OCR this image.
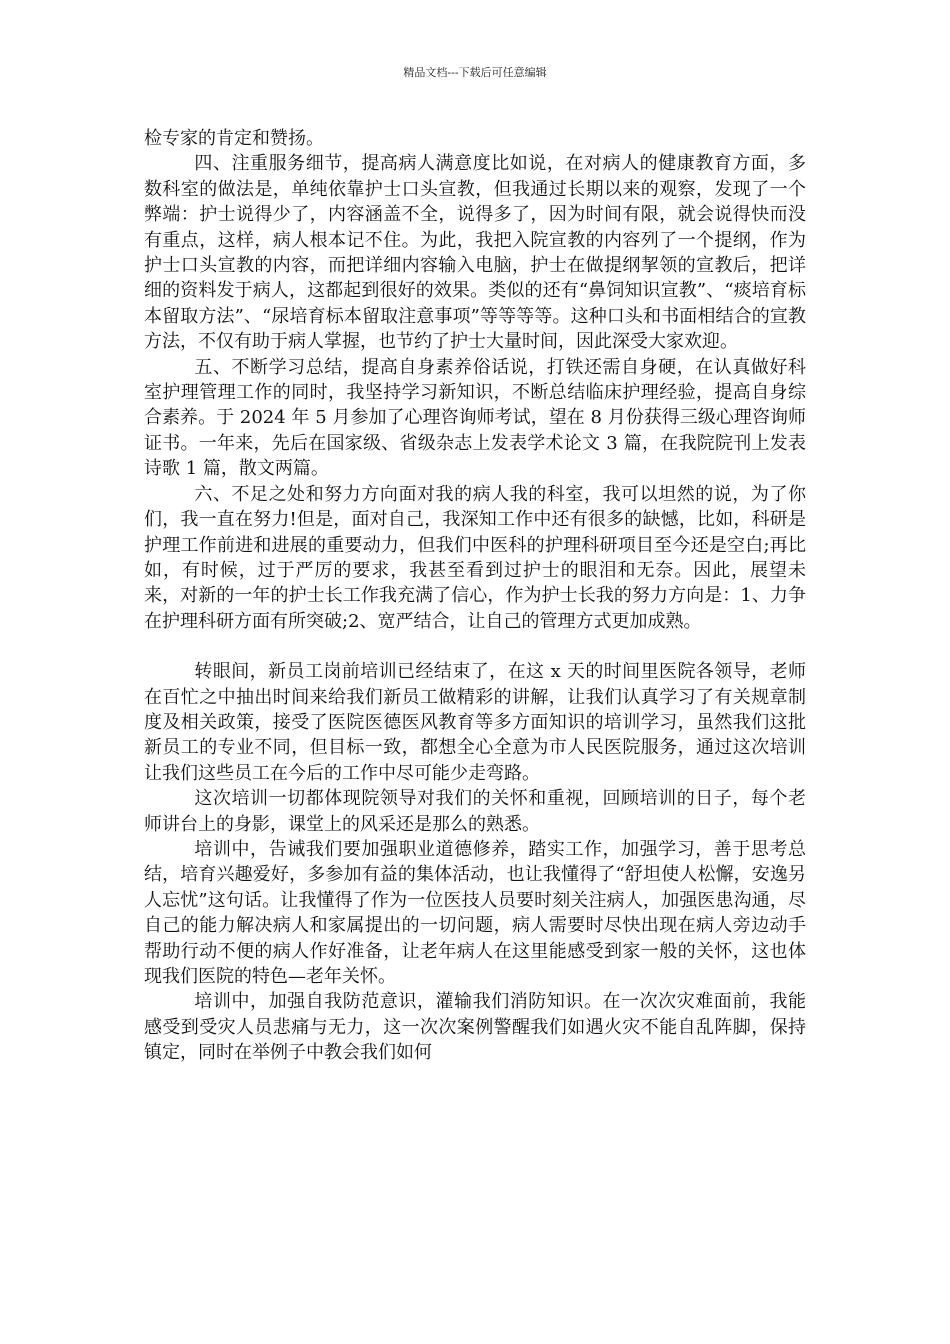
精品文档---下载后可任意编辑

检专家的肯定和赞扬。

四、注重服务细节，提高病人满意度比如说，在对病人的健康教育方面，多数科室的做法是，单纯依靠护士口头宣教，但我通过长期以来的观察，发现了一个弊端：护士说得少了，内容涵盖不全，说得多了，因为时间有限，就会说得快而没有重点，这样，病人根本记不住。为此，我把入院宣教的内容列了一个提纲，作为护士口头宣教的内容，而把详细内容输入电脑，护士在做提纲挈领的宣教后，把详细的资料发于病人，这都起到很好的效果。类似的还有“鼻饲知识宣教”、“痰培育标本留取方法”、“尿培育标本留取注意事项”等等等等。这种口头和书面相结合的宣教方法，不仅有助于病人掌握，也节约了护士大量时间，因此深受大家欢迎。

五、不断学习总结，提高自身素养俗话说，打铁还需自身硬，在认真做好科室护理管理工作的同时，我坚持学习新知识，不断总结临床护理经验，提高自身综合素养。于 2024 年 5 月参加了心理咨询师考试，望在 8 月份获得三级心理咨询师证书。一年来，先后在国家级、省级杂志上发表学术论文 3 篇，在我院院刊上发表诗歌 1 篇，散文两篇。

六、不足之处和努力方向面对我的病人我的科室，我可以坦然的说，为了你们，我一直在努力!但是，面对自己，我深知工作中还有很多的缺憾，比如，科研是护理工作前进和进展的重要动力，但我们中医科的护理科研项目至今还是空白;再比如，有时候，过于严厉的要求，我甚至看到过护士的眼泪和无奈。因此，展望未来，对新的一年的护士长工作我充满了信心，作为护士长我的努力方向是：1、力争在护理科研方面有所突破;2、宽严结合，让自己的管理方式更加成熟。

转眼间，新员工岗前培训已经结束了，在这 x 天的时间里医院各领导，老师在百忙之中抽出时间来给我们新员工做精彩的讲解，让我们认真学习了有关规章制度及相关政策，接受了医院医德医风教育等多方面知识的培训学习，虽然我们这批新员工的专业不同，但目标一致，都想全心全意为市人民医院服务，通过这次培训让我们这些员工在今后的工作中尽可能少走弯路。

这次培训一切都体现院领导对我们的关怀和重视，回顾培训的日子，每个老师讲台上的身影，课堂上的风采还是那么的熟悉。

培训中，告诫我们要加强职业道德修养，踏实工作，加强学习，善于思考总结，培育兴趣爱好，多参加有益的集体活动，也让我懂得了“舒坦使人松懈，安逸另人忘忧”这句话。让我懂得了作为一位医技人员要时刻关注病人，加强医患沟通，尽自己的能力解决病人和家属提出的一切问题，病人需要时尽快出现在病人旁边动手帮助行动不便的病人作好准备，让老年病人在这里能感受到家一般的关怀，这也体现我们医院的特色—老年关怀。

培训中，加强自我防范意识，灌输我们消防知识。在一次次灾难面前，我能感受到受灾人员悲痛与无力，这一次次案例警醒我们如遇火灾不能自乱阵脚，保持镇定，同时在举例子中教会我们如何
